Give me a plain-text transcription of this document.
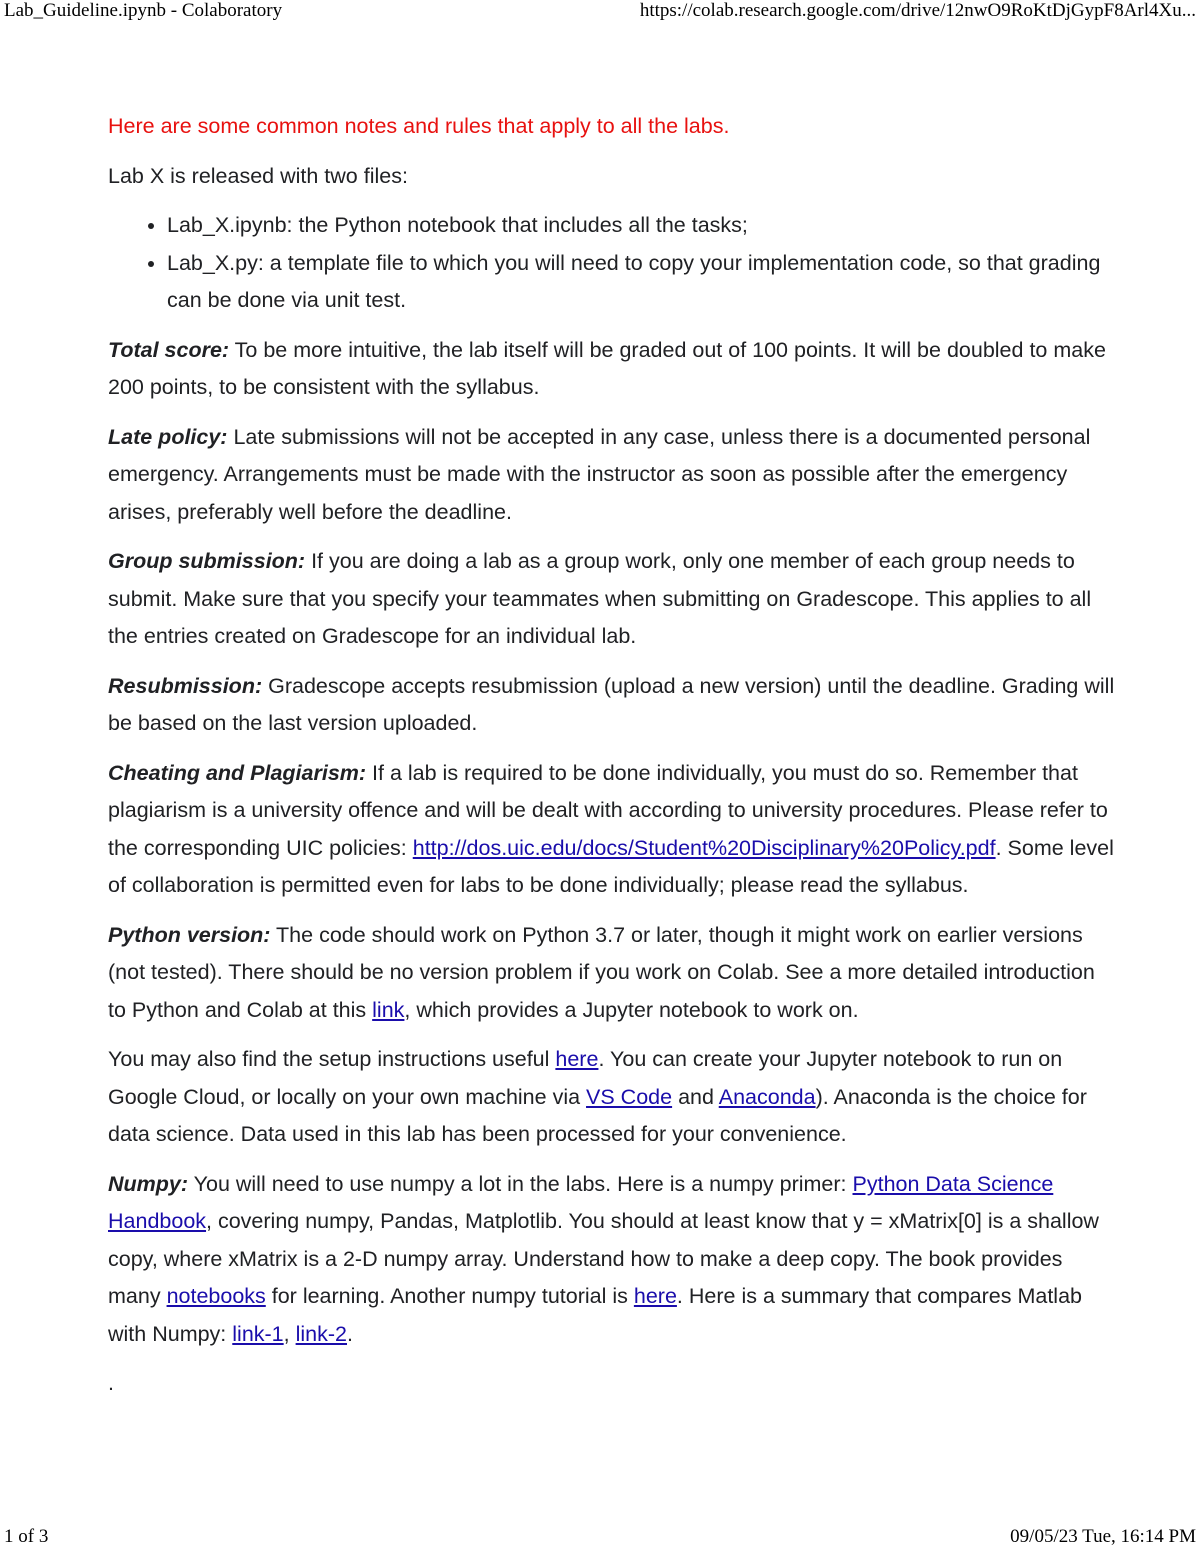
Lab_Guideline.ipynb - Colaboratory	https://colab.research.google.com/drive/12nwO9RoKtDjGypF8Arl4Xu...

Here are some common notes and rules that apply to all the labs.

Lab X is released with two files:

• Lab_X.ipynb: the Python notebook that includes all the tasks;
• Lab_X.py: a template file to which you will need to copy your implementation code, so that grading can be done via unit test.

Total score: To be more intuitive, the lab itself will be graded out of 100 points. It will be doubled to make 200 points, to be consistent with the syllabus.

Late policy: Late submissions will not be accepted in any case, unless there is a documented personal emergency. Arrangements must be made with the instructor as soon as possible after the emergency arises, preferably well before the deadline.

Group submission: If you are doing a lab as a group work, only one member of each group needs to submit. Make sure that you specify your teammates when submitting on Gradescope. This applies to all the entries created on Gradescope for an individual lab.

Resubmission: Gradescope accepts resubmission (upload a new version) until the deadline. Grading will be based on the last version uploaded.

Cheating and Plagiarism: If a lab is required to be done individually, you must do so. Remember that plagiarism is a university offence and will be dealt with according to university procedures. Please refer to the corresponding UIC policies: http://dos.uic.edu/docs/Student%20Disciplinary%20Policy.pdf. Some level of collaboration is permitted even for labs to be done individually; please read the syllabus.

Python version: The code should work on Python 3.7 or later, though it might work on earlier versions (not tested). There should be no version problem if you work on Colab. See a more detailed introduction to Python and Colab at this link, which provides a Jupyter notebook to work on.

You may also find the setup instructions useful here. You can create your Jupyter notebook to run on Google Cloud, or locally on your own machine via VS Code and Anaconda). Anaconda is the choice for data science. Data used in this lab has been processed for your convenience.

Numpy: You will need to use numpy a lot in the labs. Here is a numpy primer: Python Data Science Handbook, covering numpy, Pandas, Matplotlib. You should at least know that y = xMatrix[0] is a shallow copy, where xMatrix is a 2-D numpy array. Understand how to make a deep copy. The book provides many notebooks for learning. Another numpy tutorial is here. Here is a summary that compares Matlab with Numpy: link-1, link-2.

.

1 of 3	09/05/23 Tue, 16:14 PM
